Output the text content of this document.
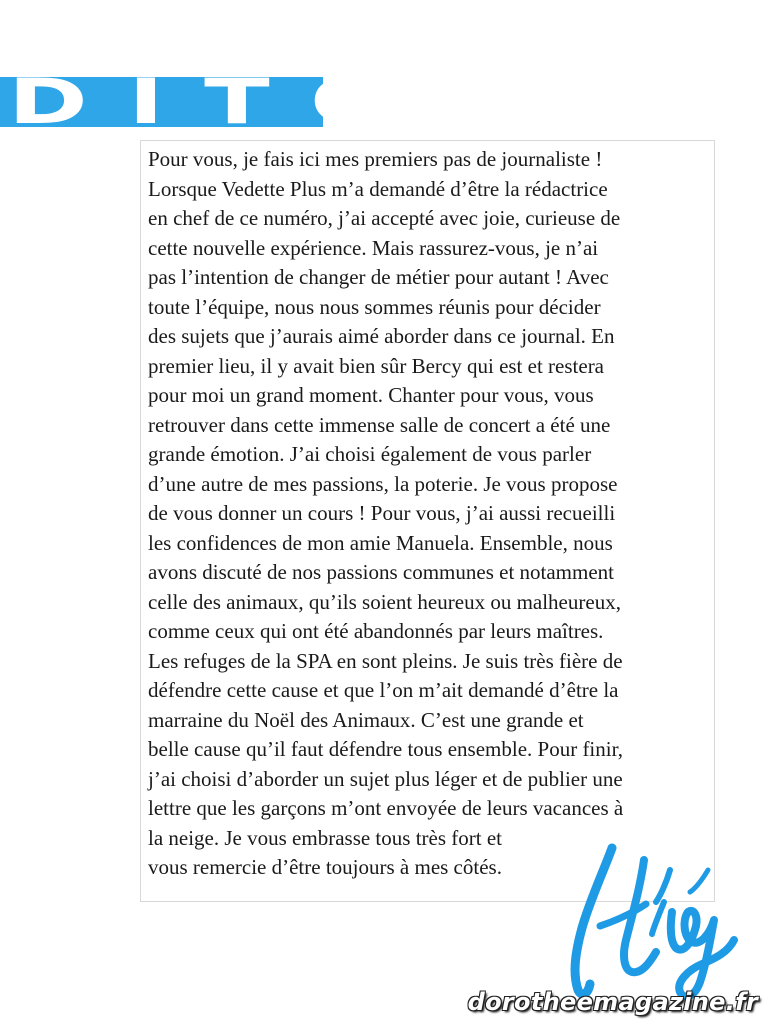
DITO

Pour vous, je fais ici mes premiers pas de journaliste !
Lorsque Vedette Plus m’a demandé d’être la rédactrice
en chef de ce numéro, j’ai accepté avec joie, curieuse de
cette nouvelle expérience. Mais rassurez-vous, je n’ai
pas l’intention de changer de métier pour autant ! Avec
toute l’équipe, nous nous sommes réunis pour décider
des sujets que j’aurais aimé aborder dans ce journal. En
premier lieu, il y avait bien sûr Bercy qui est et restera
pour moi un grand moment. Chanter pour vous, vous
retrouver dans cette immense salle de concert a été une
grande émotion. J’ai choisi également de vous parler
d’une autre de mes passions, la poterie. Je vous propose
de vous donner un cours ! Pour vous, j’ai aussi recueilli
les confidences de mon amie Manuela. Ensemble, nous
avons discuté de nos passions communes et notamment
celle des animaux, qu’ils soient heureux ou malheureux,
comme ceux qui ont été abandonnés par leurs maîtres.
Les refuges de la SPA en sont pleins. Je suis très fière de
défendre cette cause et que l’on m’ait demandé d’être la
marraine du Noël des Animaux. C’est une grande et
belle cause qu’il faut défendre tous ensemble. Pour finir,
j’ai choisi d’aborder un sujet plus léger et de publier une
lettre que les garçons m’ont envoyée de leurs vacances à
la neige. Je vous embrasse tous très fort et
vous remercie d’être toujours à mes côtés.

dorotheemagazine.fr
